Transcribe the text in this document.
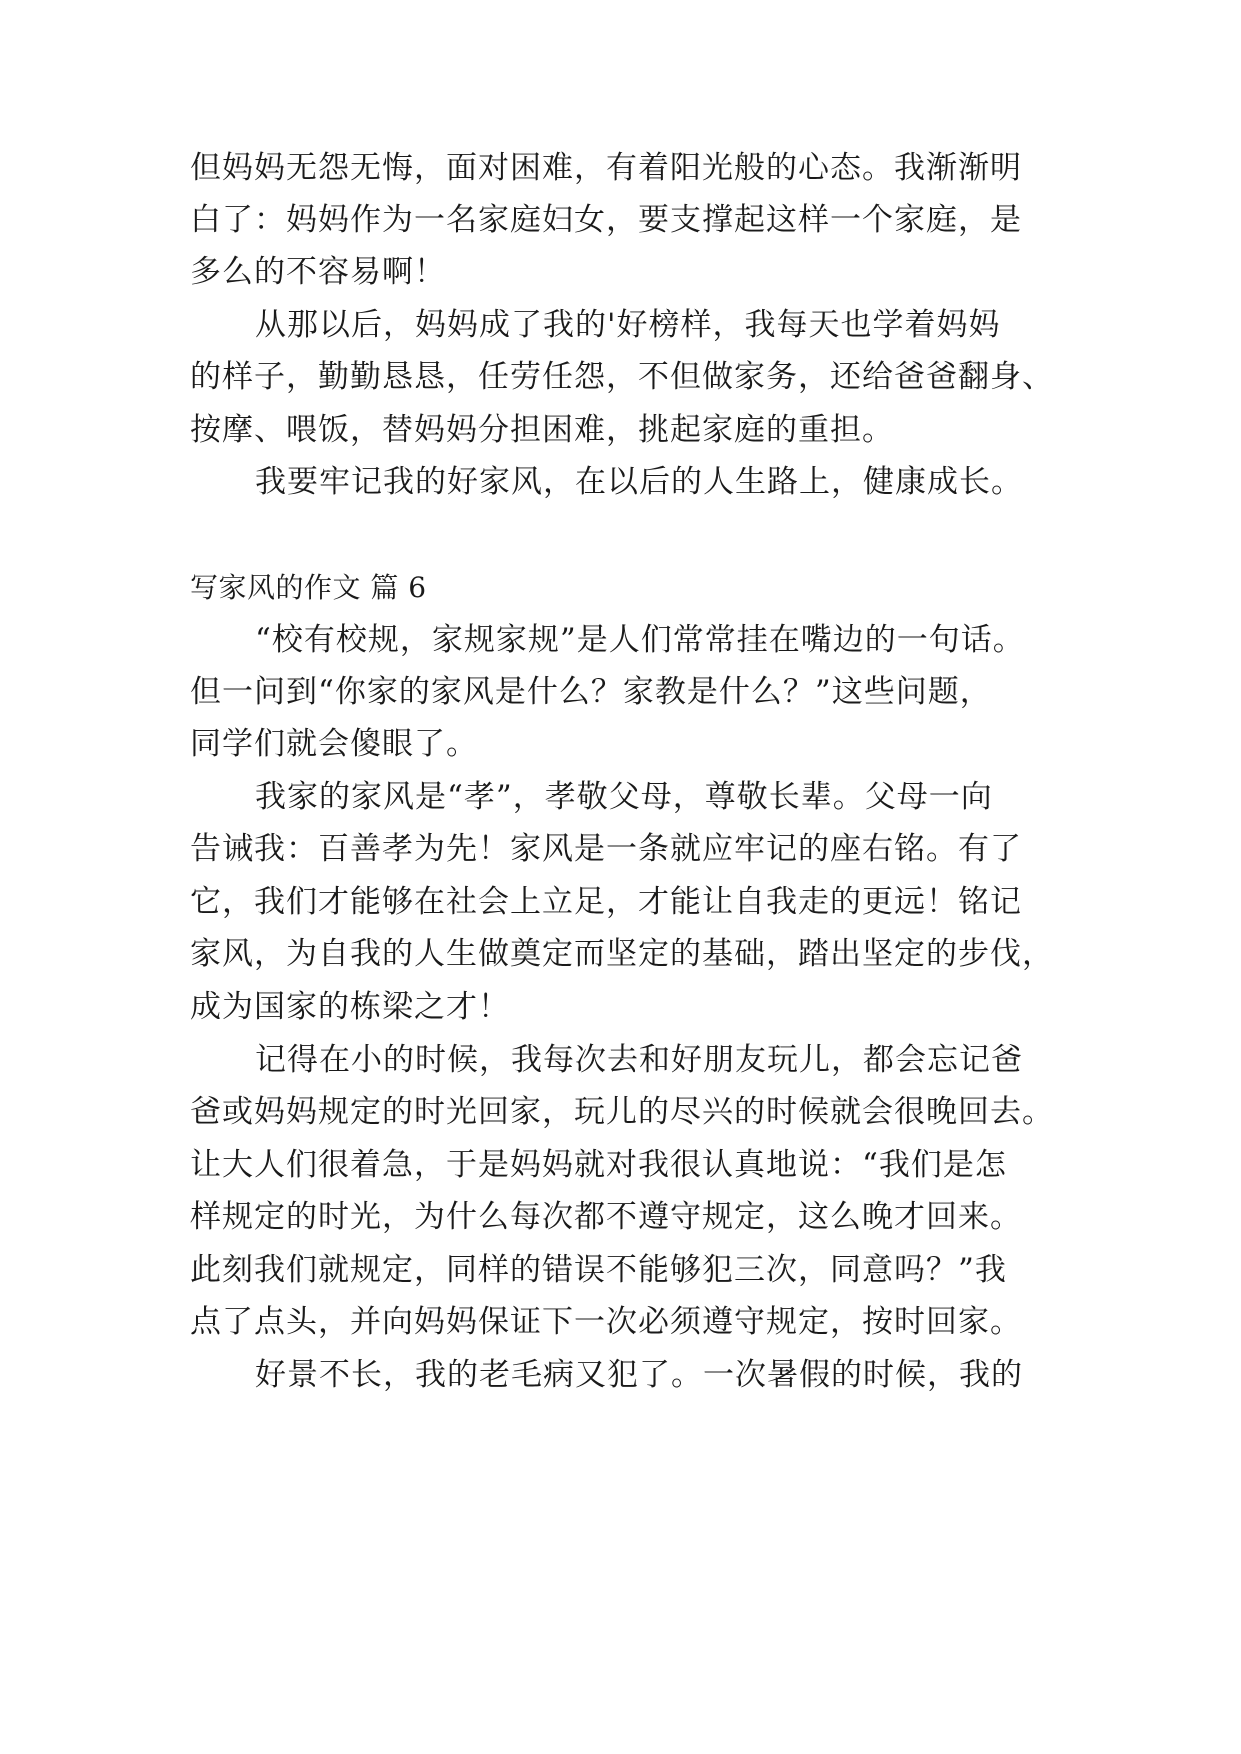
但妈妈无怨无悔，面对困难，有着阳光般的心态。我渐渐明
白了：妈妈作为一名家庭妇女，要支撑起这样一个家庭，是
多么的不容易啊！
从那以后，妈妈成了我的'好榜样，我每天也学着妈妈
的样子，勤勤恳恳，任劳任怨，不但做家务，还给爸爸翻身、
按摩、喂饭，替妈妈分担困难，挑起家庭的重担。
我要牢记我的好家风，在以后的人生路上，健康成长。
写家风的作文 篇 6
“校有校规，家规家规”是人们常常挂在嘴边的一句话。
但一问到“你家的家风是什么？家教是什么？”这些问题，
同学们就会傻眼了。
我家的家风是“孝”，孝敬父母，尊敬长辈。父母一向
告诫我：百善孝为先！家风是一条就应牢记的座右铭。有了
它，我们才能够在社会上立足，才能让自我走的更远！铭记
家风，为自我的人生做奠定而坚定的基础，踏出坚定的步伐，
成为国家的栋梁之才！
记得在小的时候，我每次去和好朋友玩儿，都会忘记爸
爸或妈妈规定的时光回家，玩儿的尽兴的时候就会很晚回去。
让大人们很着急，于是妈妈就对我很认真地说：“我们是怎
样规定的时光，为什么每次都不遵守规定，这么晚才回来。
此刻我们就规定，同样的错误不能够犯三次，同意吗？”我
点了点头，并向妈妈保证下一次必须遵守规定，按时回家。
好景不长，我的老毛病又犯了。一次暑假的时候，我的
